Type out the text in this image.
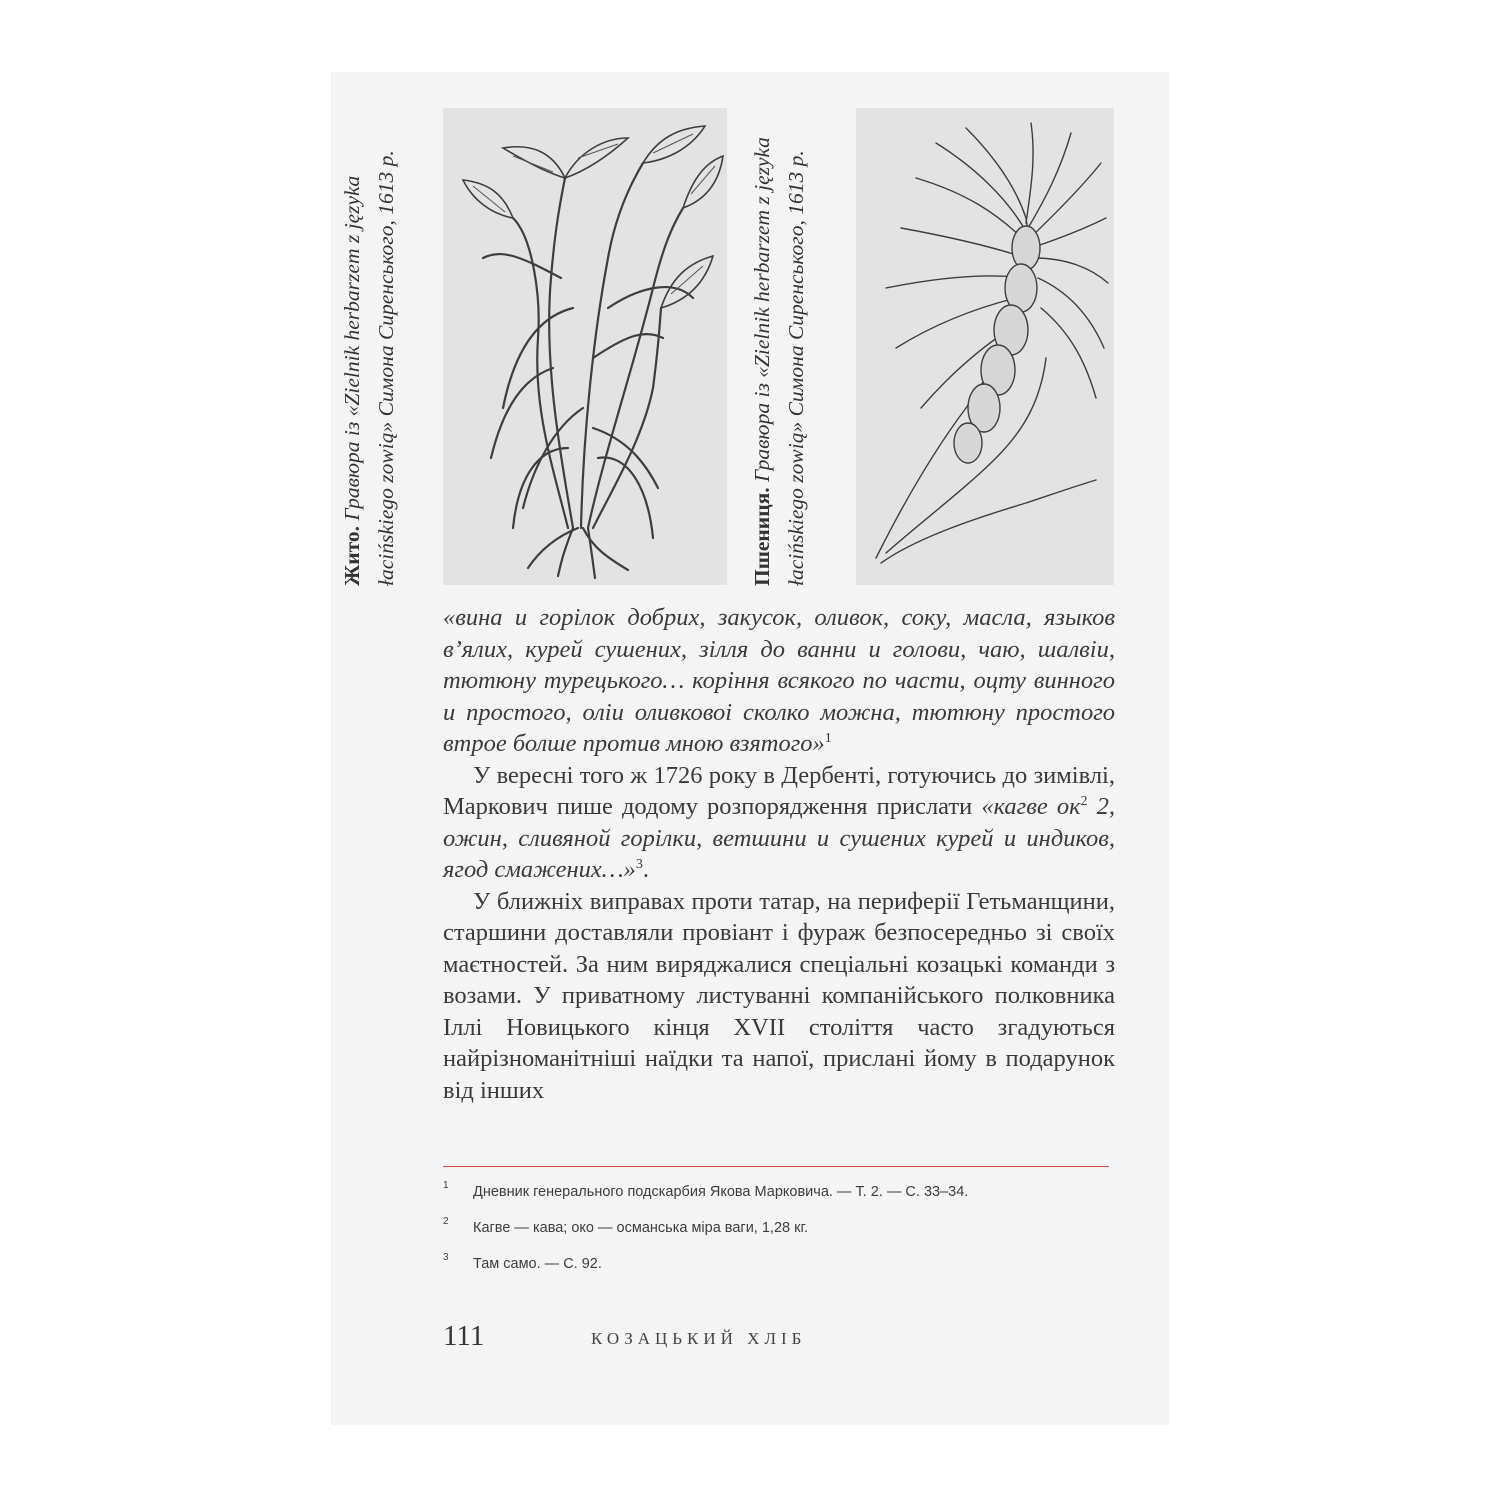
Жито. Гравюра із «Zielnik herbarzem z języka łacińskiego zowią» Симона Сиренського, 1613 р.	Пшениця. Гравюра із «Zielnik herbarzem z języka łacińskiego zowią» Симона Сиренського, 1613 р.

«вина и горілок добрих, закусок, оливок, соку, масла, языков в’ялих, курей сушених, зілля до ванни и голови, чаю, шалвіи, тютюну турецького… коріння всякого по части, оцту винного и простого, оліи оливковоі сколко можна, тютюну простого втрое болше против мною взятого»$^1$

У вересні того ж 1726 року в Дербенті, готуючись до зимівлі, Маркович пише додому розпорядження прислати «кагве $ок^2$ 2, ожин, сливяной горілки, ветшини и сушених курей и индиков, ягод смажених…»$^3$.

У ближніх виправах проти татар, на периферії Гетьманщини, старшини доставляли провіант і фураж безпосередньо зі своїх маєтностей. За ним виряджалися спеціальні козацькі команди з возами. У приватному листуванні компанійського полковника Іллі Новицького кінця XVII століття часто згадуються найрізноманітніші наїдки та напої, прислані йому в подарунок від інших

1 Дневник генерального подскарбия Якова Марковича. — Т. 2. — С. 33–34.
2 Кагве — кава; око — османська міра ваги, 1,28 кг.
3 Там само. — С. 92.
111	КОЗАЦЬКИЙ ХЛІБ
